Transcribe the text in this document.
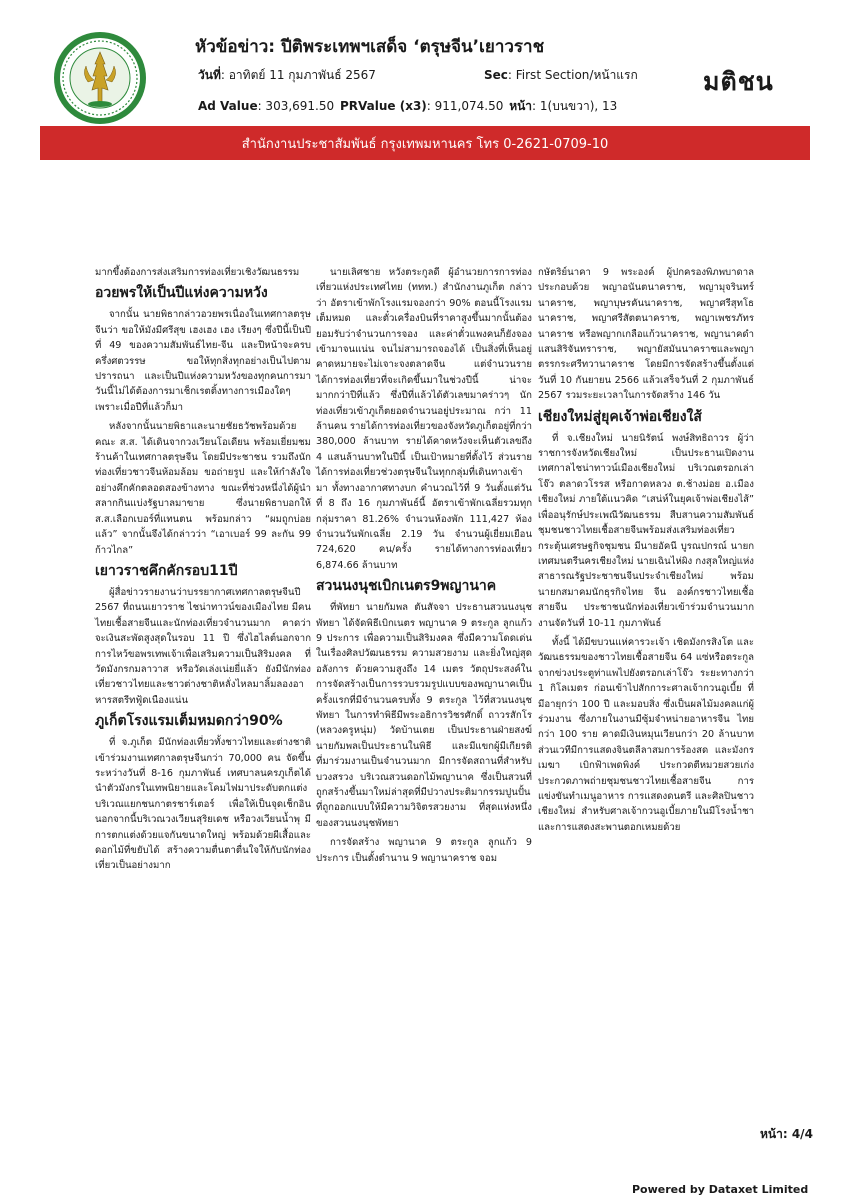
หัวข้อข่าว: ปีติพระเทพฯเสด็จ ‘ตรุษจีน’เยาวราช
วันที่: อาทิตย์ 11 กุมภาพันธ์ 2567	Sec: First Section/หน้าแรก
Ad Value: 303,691.50 PRValue (x3): 911,074.50 หน้า: 1(บนขวา), 13
มติชน
สำนักงานประชาสัมพันธ์ กรุงเทพมหานคร โทร 0-2621-0709-10

มากขึ้งต้องการส่งเสริมการท่องเที่ยวเชิงวัฒนธรรม

อวยพรให้เป็นปีแห่งความหวัง

จากนั้น นายพิธากล่าวอวยพรเนื่องในเทศกาลตรุษจีนว่า ขอให้มังมีศรีสุข เฮงเฮง เฮง เรียงๆ ซึ่งปีนี้เป็นปีที่ 49 ของความสัมพันธ์ไทย-จีน และปีหน้าจะครบครึ่งศตวรรษ ขอให้ทุกสิ่งทุกอย่างเป็นไปตามปรารถนา และเป็นปีแห่งความหวังของทุกคนการมาวันนี้ไม่ได้ต้องการมาเช็กเรตติ้งทางการเมืองใดๆ เพราะเมื่อปีที่แล้วก็มา

หลังจากนั้นนายพิธาและนายชัยธวัชพร้อมด้วยคณะ ส.ส. ได้เดินจากวงเวียนโอเดียน พร้อมเยี่ยมชมร้านค้าในเทศกาลตรุษจีน โดยมีประชาชน รวมถึงนักท่องเที่ยวชาวจีนห้อมล้อม ขอถ่ายรูป และให้กำลังใจอย่างคึกคักตลอดสองข้างทาง ขณะที่ช่วงหนึ่งได้ผู้นำสลากกินแบ่งรัฐบาลมาขาย ซึ่งนายพิธาบอกให้ ส.ส.เลือกเบอร์ที่แทนตน พร้อมกล่าว “ผมถูกบ่อยแล้ว” จากนั้นจึงได้กล่าวว่า “เอาเบอร์ 99 ละกัน 99 ก้าวไกล”

เยาวราชคึกคักรอบ11ปี

ผู้สื่อข่าวรายงานว่าบรรยากาศเทศกาลตรุษจีนปี 2567 ที่ถนนเยาวราช ไชน่าทาวน์ของเมืองไทย มีคนไทยเชื้อสายจีนและนักท่องเที่ยวจำนวนมาก คาดว่าจะเงินสะพัดสูงสุดในรอบ 11 ปี ซึ่งไฮไลต์นอกจากการไหว้ขอพรเทพเจ้าเพื่อเสริมความเป็นสิริมงคล ที่วัดมังกรกมลาวาส หรือวัดเล่งเน่ยยี่แล้ว ยังมีนักท่องเที่ยวชาวไทยและชาวต่างชาติหลั่งไหลมาลิ้มลองอาหารสตรีทฟู้ดเนืองแน่น

ภูเก็ตโรงแรมเต็มหมดกว่า90%

ที่ จ.ภูเก็ต มีนักท่องเที่ยวทั้งชาวไทยและต่างชาติเข้าร่วมงานเทศกาลตรุษจีนกว่า 70,000 คน จัดขึ้นระหว่างวันที่ 8-16 กุมภาพันธ์ เทศบาลนครภูเก็ตได้นำตัวมังกรในเทพนิยายและโคมไฟมาประดับตกแต่งบริเวณแยกชนกาตรชาร์เตอร์ เพื่อให้เป็นจุดเช็กอิน นอกจากนี้บริเวณวงเวียนสุริยเดช หรือวงเวียนน้ำพุ มีการตกแต่งด้วยแจกันขนาดใหญ่ พร้อมด้วยผีเสื้อและดอกไม้ที่ขยับได้ สร้างความตื่นตาตื่นใจให้กับนักท่องเที่ยวเป็นอย่างมาก

นายเลิศชาย หวังตระกูลดี ผู้อำนวยการการท่องเที่ยวแห่งประเทศไทย (ททท.) สำนักงานภูเก็ต กล่าวว่า อัตราเข้าพักโรงแรมจองกว่า 90% ตอนนี้โรงแรมเต็มหมด และตั๋วเครื่องบินที่ราคาสูงขึ้นมากนั้นต้องยอมรับว่าจำนวนการจอง และค่าตั๋วแพงคนก็ยังจองเข้ามาจนแน่น จนไม่สามารถจองได้ เป็นสิ่งที่เห็นอยู่ คาดหมายจะไม่เจาะจงตลาดจีน แต่จำนวนรายได้การท่องเที่ยวที่จะเกิดขึ้นมาในช่วงปีนี้ น่าจะมากกว่าปีที่แล้ว ซึ่งปีที่แล้วได้ตัวเลขมาคร่าวๆ นักท่องเที่ยวเข้าภูเก็ตยอดจำนวนอยู่ประมาณ กว่า 11 ล้านคน รายได้การท่องเที่ยวของจังหวัดภูเก็ตอยู่ที่กว่า 380,000 ล้านบาท รายได้คาดหวังจะเห็นตัวเลขถึง 4 แสนล้านบาทในปีนี้ เป็นเป้าหมายที่ตั้งไว้ ส่วนรายได้การท่องเที่ยวช่วงตรุษจีนในทุกกลุ่มที่เดินทางเข้ามา ทั้งทางอากาศทางบก คำนวณไว้ที่ 9 วันตั้งแต่วันที่ 8 ถึง 16 กุมภาพันธ์นี้ อัตราเข้าพักเฉลี่ยรวมทุกกลุ่มราคา 81.26% จำนวนห้องพัก 111,427 ห้อง จำนวนวันพักเฉลี่ย 2.19 วัน จำนวนผู้เยี่ยมเยือน 724,620 คน/ครั้ง รายได้ทางการท่องเที่ยว 6,874.66 ล้านบาท

สวนนงนุชเบิกเนตร9พญานาค

ที่พัทยา นายกัมพล ตันสัจจา ประธานสวนนงนุชพัทยา ได้จัดพิธีเบิกเนตร พญานาค 9 ตระกูล ลูกแก้ว 9 ประการ เพื่อความเป็นสิริมงคล ซึ่งมีความโดดเด่นในเรื่องศิลปวัฒนธรรม ความสวยงาม และยิ่งใหญ่สุดอลังการ ด้วยความสูงถึง 14 เมตร วัตถุประสงค์ในการจัดสร้างเป็นการรวบรวมรูปแบบของพญานาคเป็นครั้งแรกที่มีจำนวนครบทั้ง 9 ตระกูล ไว้ที่สวนนงนุชพัทยา ในการทำพิธีมีพระอธิการวิชรศักดิ์ ถาวรสักโร (หลวงครูหนุ่ม) วัดบ้านเตย เป็นประธานฝ่ายสงฆ์ นายกัมพลเป็นประธานในพิธี และมีแขกผู้มีเกียรติที่มาร่วมงานเป็นจำนวนมาก มีการจัดสถานที่สำหรับบวงสรวง บริเวณสวนดอกไม้พญานาค ซึ่งเป็นสวนที่ถูกสร้างขึ้นมาใหม่ล่าสุดที่มีปวางประติมากรรมปูนปั้น ที่ถูกออกแบบให้มีความวิจิตรสวยงาม ที่สุดแห่งหนึ่งของสวนนงนุชพัทยา

การจัดสร้าง พญานาค 9 ตระกูล ลูกแก้ว 9 ประการ เป็นตั้งตำนาน 9 พญานาคราช จอม

กษัตริย์นาคา 9 พระองค์ ผู้ปกครองพิภพบาดาล ประกอบด้วย พญาอนันตนาคราช, พญามุจรินทร์นาคราช, พญาบุษรคันนาคราช, พญาศรีสุทโธนาคราช, พญาศรีสัตตนาคราช, พญาเพชรภัทรนาคราช หรือพญากเกลือแก้วนาคราช, พญานาคดำแสนสิริจันทราราช, พญายัสมันนาคราชและพญาตรรกระศรีทวานาคราช โดยมีการจัดสร้างขึ้นตั้งแต่วันที่ 10 กันยายน 2566 แล้วเสร็จวันที่ 2 กุมภาพันธ์ 2567 รวมระยะเวลาในการจัดสร้าง 146 วัน

เชียงใหม่สู่ยุคเจ้าพ่อเชียงใส้

ที่ จ.เชียงใหม่ นายนิรัตน์ พงษ์สิทธิถาวร ผู้ว่าราชการจังหวัดเชียงใหม่ เป็นประธานเปิดงานเทศกาลไชน่าทาวน์เมืองเชียงใหม่ บริเวณตรอกเล่าโจ๊ว ตลาดวโรรส หรือกาดหลวง ต.ช้างม่อย อ.เมืองเชียงใหม่ ภายใต้แนวคิด “เสน่ห์ในยุคเจ้าพ่อเชียงไส้” เพื่ออนุรักษ์ประเพณีวัฒนธรรม สืบสานความสัมพันธ์ชุมชนชาวไทยเชื้อสายจีนพร้อมส่งเสริมท่องเที่ยว กระตุ้นเศรษฐกิจชุมชน มีนายอัคนี บูรณปกรณ์ นายกเทศมนตรีนครเชียงใหม่ นายเฉินไห่ผิง กงสุลใหญ่แห่งสาธารณรัฐประชาชนจีนประจำเชียงใหม่ พร้อม นายกสมาคมนักธุรกิจไทย จีน องค์กรชาวไทยเชื้อสายจีน ประชาชนนักท่องเที่ยวเข้าร่วมจำนวนมาก งานจัดวันที่ 10-11 กุมภาพันธ์

ทั้งนี้ ได้มีขบวนแห่คารวะเจ้า เชิดมังกรสิงโต และวัฒนธรรมของชาวไทยเชื้อสายจีน 64 แซ่หรือตระกูล จากข่วงประตูท่าแพไปยังตรอกเล่าโจ๊ว ระยะทางกว่า 1 กิโลเมตร ก่อนเข้าไปสักการะศาลเจ้ากวนอูเบี้ย ที่มีอายุกว่า 100 ปี และมอบสิ่ง ซึ่งเป็นผลไม้มงคลแก่ผู้ร่วมงาน ซึ่งภายในงานมีซุ้มจำหน่ายอาหารจีน ไทยกว่า 100 ราย คาดมีเงินหมุนเวียนกว่า 20 ล้านบาท ส่วนเวทีมีการแสดงจินตลีลาสมการร้องสด และมังกรเมฆา เบิกฟ้าเพดพิงค์ ประกวดตีหมวยสวยเก่ง ประกวดภาพถ่ายชุมชนชาวไทยเชื้อสายจีน การแข่งขันทำเมนูอาหาร การแสดงดนตรี และศิลปินชาวเชียงใหม่ สำหรับศาลเจ้ากวนอูเบี้ยภายในมีโรงน้ำชาและการแสดงสะพานตอกเหมยด้วย

หน้า: 4/4
Powered by Dataxet Limited
